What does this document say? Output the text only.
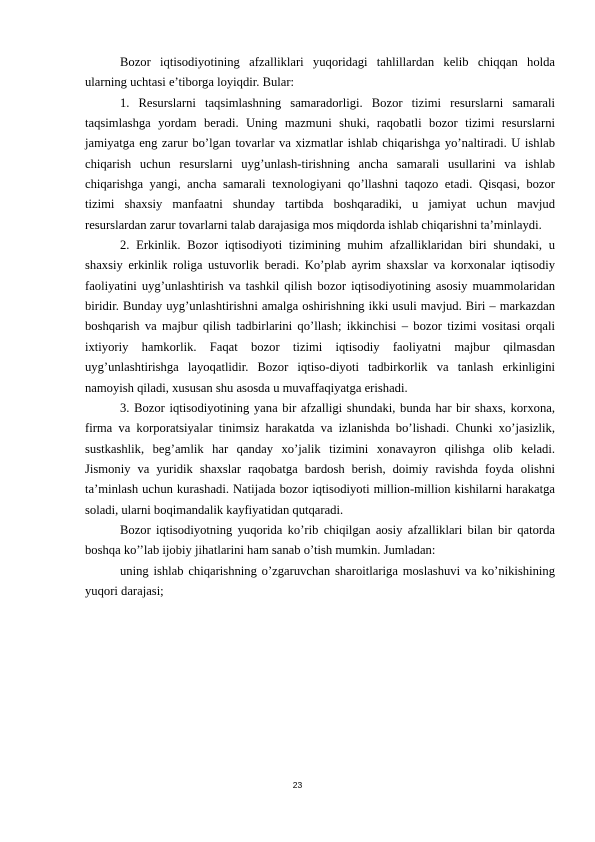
Bozor iqtisodiyotining afzalliklari yuqoridagi tahlillardan kelib chiqqan holda ularning uchtasi e’tiborga loyiqdir. Bular:

1. Resurslarni taqsimlashning samaradorligi. Bozor tizimi resurslarni samarali taqsimlashga yordam beradi. Uning mazmuni shuki, raqobatli bozor tizimi resurslarni jamiyatga eng zarur bo’lgan tovarlar va xizmatlar ishlab chiqarishga yo’naltiradi. U ishlab chiqarish uchun resurslarni uyg’unlash-tirishning ancha samarali usullarini va ishlab chiqarishga yangi, ancha samarali texnologiyani qo’llashni taqozo etadi. Qisqasi, bozor tizimi shaxsiy manfaatni shunday tartibda boshqaradiki, u jamiyat uchun mavjud resurslardan zarur tovarlarni talab darajasiga mos miqdorda ishlab chiqarishni ta’minlaydi.

2. Erkinlik. Bozor iqtisodiyoti tizimining muhim afzalliklaridan biri shundaki, u shaxsiy erkinlik roliga ustuvorlik beradi. Ko’plab ayrim shaxslar va korxonalar iqtisodiy faoliyatini uyg’unlashtirish va tashkil qilish bozor iqtisodiyotining asosiy muammolaridan biridir. Bunday uyg’unlashtirishni amalga oshirishning ikki usuli mavjud. Biri – markazdan boshqarish va majbur qilish tadbirlarini qo’llash; ikkinchisi – bozor tizimi vositasi orqali ixtiyoriy hamkorlik. Faqat bozor tizimi iqtisodiy faoliyatni majbur qilmasdan uyg’unlashtirishga layoqatlidir. Bozor iqtiso-diyoti tadbirkorlik va tanlash erkinligini namoyish qiladi, xususan shu asosda u muvaffaqiyatga erishadi.

3. Bozor iqtisodiyotining yana bir afzalligi shundaki, bunda har bir shaxs, korxona, firma va korporatsiyalar tinimsiz harakatda va izlanishda bo’lishadi. Chunki xo’jasizlik, sustkashlik, beg’amlik har qanday xo’jalik tizimini xonavayron qilishga olib keladi. Jismoniy va yuridik shaxslar raqobatga bardosh berish, doimiy ravishda foyda olishni ta’minlash uchun kurashadi. Natijada bozor iqtisodiyoti million-million kishilarni harakatga soladi, ularni boqimandalik kayfiyatidan qutqaradi.

Bozor iqtisodiyotning yuqorida ko’rib chiqilgan aosiy afzalliklari bilan bir qatorda boshqa ko’’lab ijobiy jihatlarini ham sanab o’tish mumkin. Jumladan:

uning ishlab chiqarishning o’zgaruvchan sharoitlariga moslashuvi va ko’nikishining yuqori darajasi;

23
